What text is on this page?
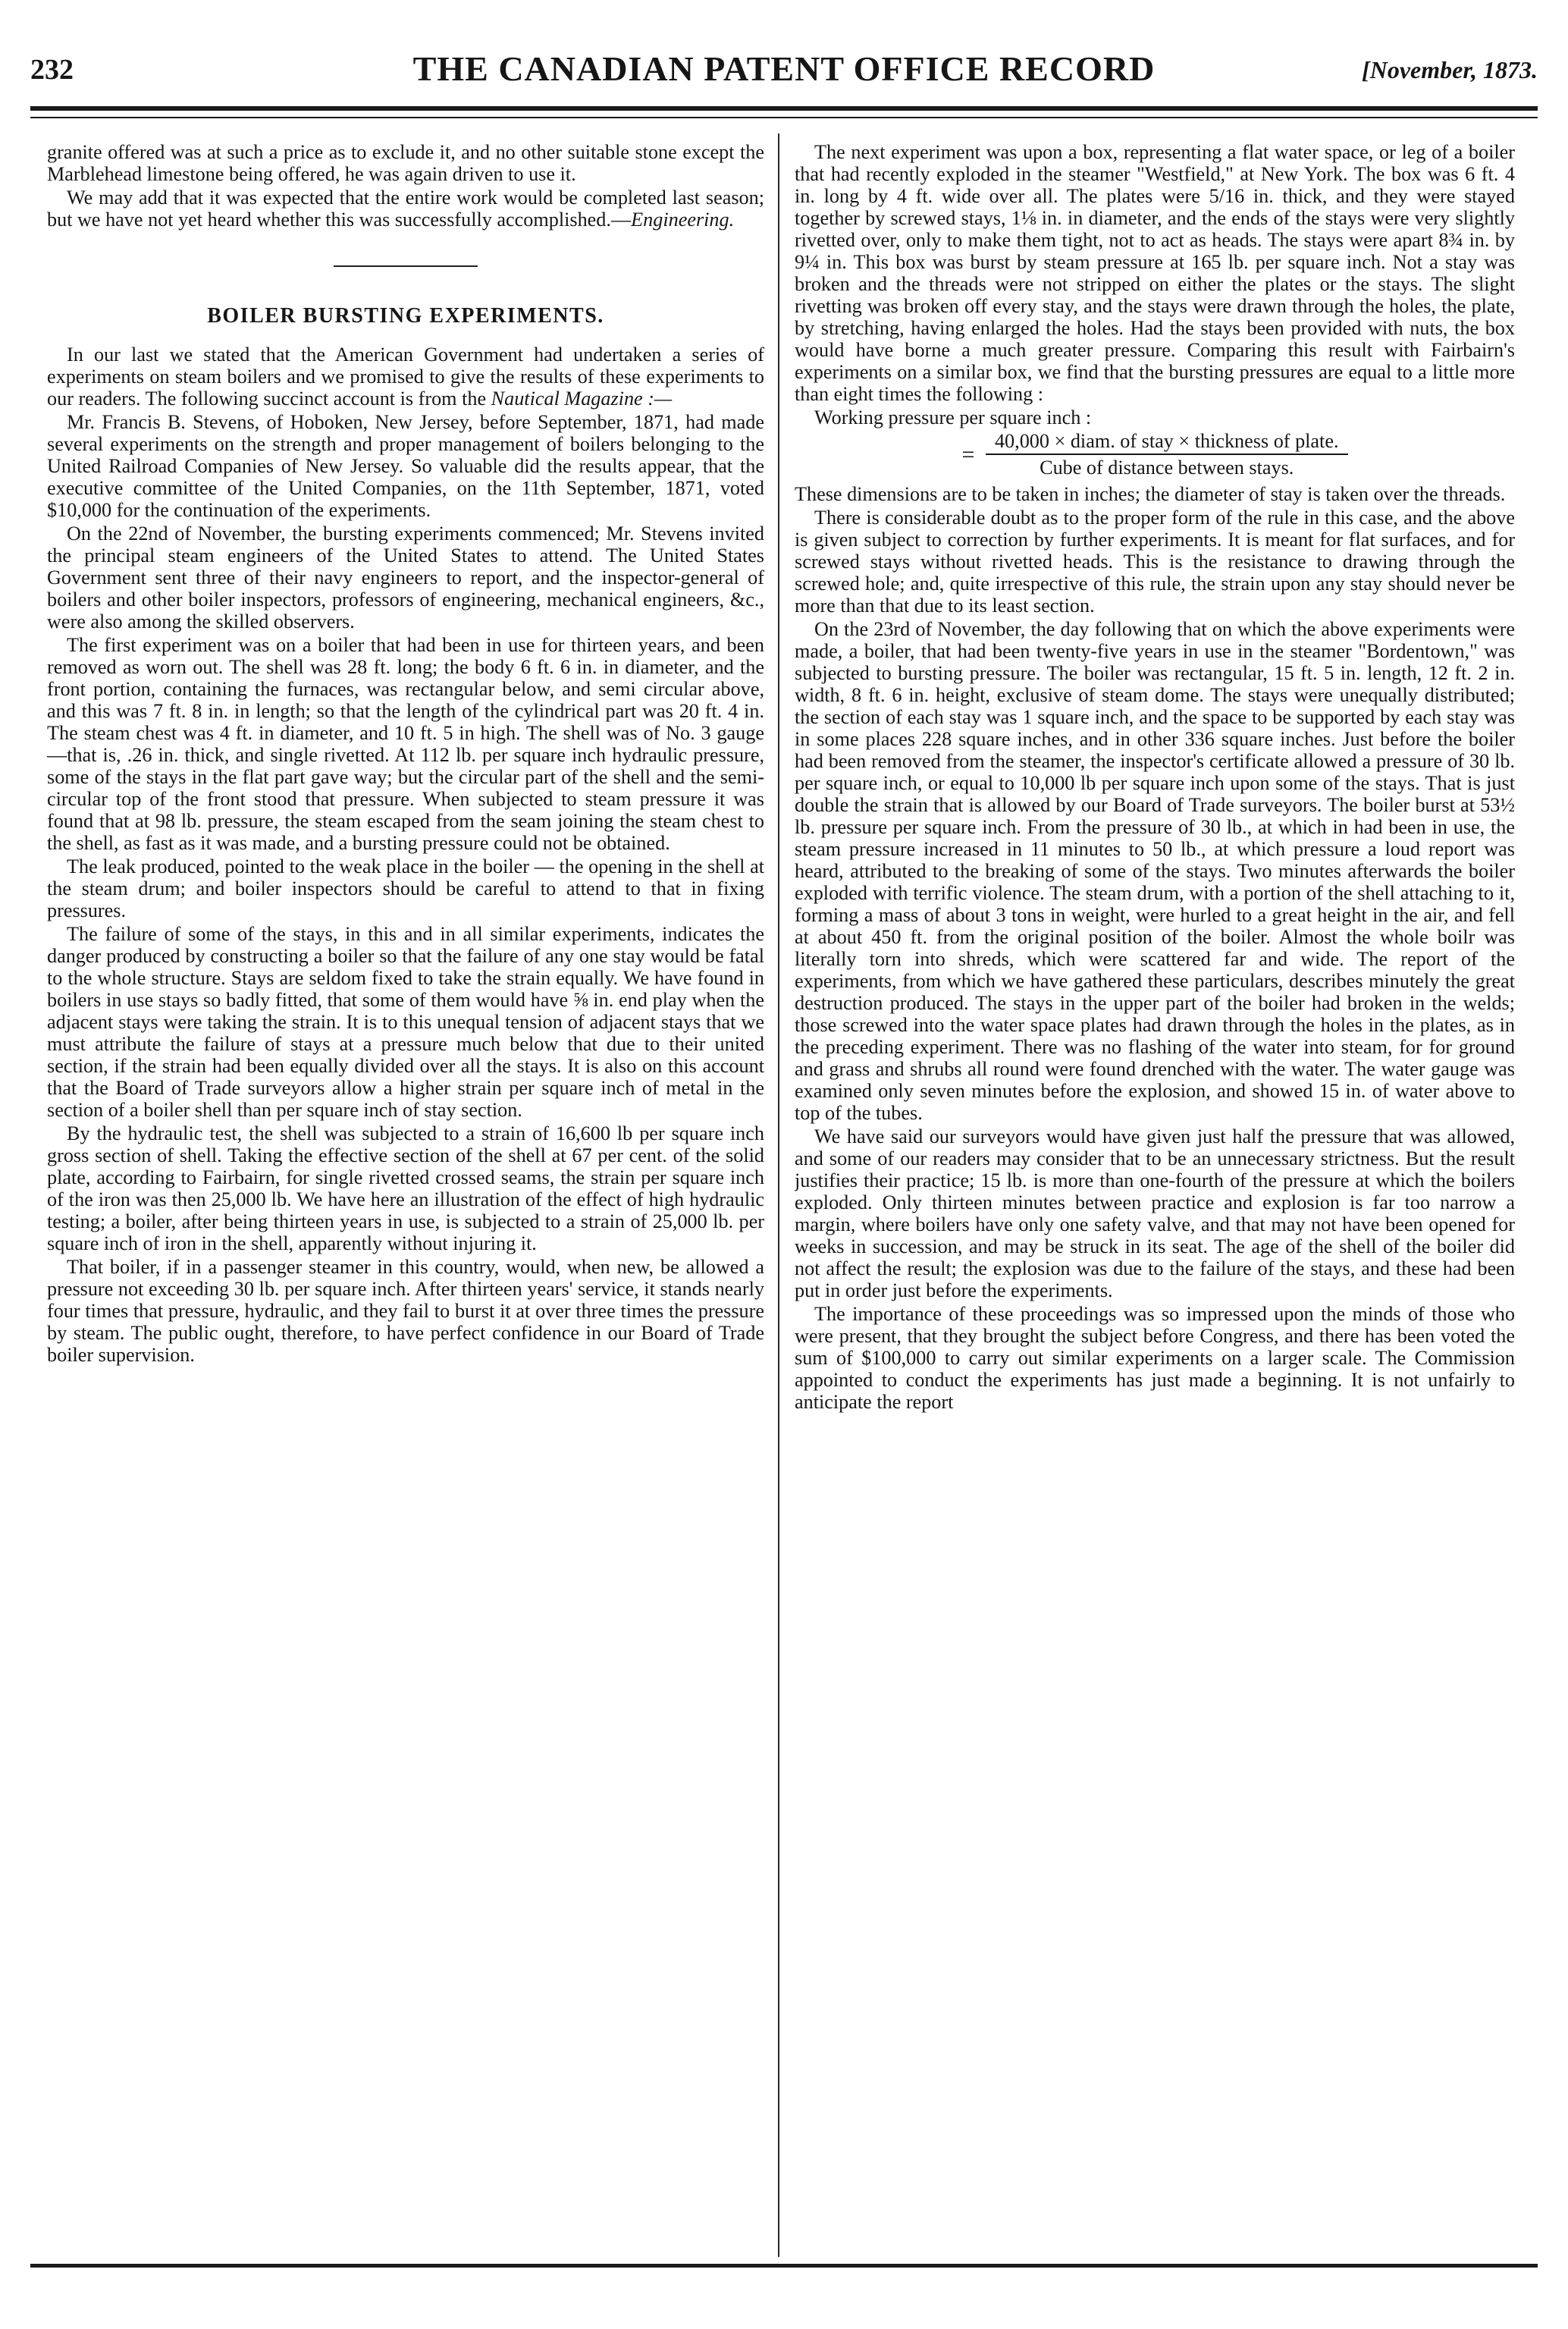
232	THE CANADIAN PATENT OFFICE RECORD	[November, 1873.

granite offered was at such a price as to exclude it, and no other suitable stone except the Marblehead limestone being offered, he was again driven to use it.

We may add that it was expected that the entire work would be completed last season; but we have not yet heard whether this was successfully accomplished.—Engineering.

BOILER BURSTING EXPERIMENTS.

In our last we stated that the American Government had undertaken a series of experiments on steam boilers and we promised to give the results of these experiments to our readers. The following succinct account is from the Nautical Magazine :—

Mr. Francis B. Stevens, of Hoboken, New Jersey, before September, 1871, had made several experiments on the strength and proper management of boilers belonging to the United Railroad Companies of New Jersey. So valuable did the results appear, that the executive committee of the United Companies, on the 11th September, 1871, voted $10,000 for the continuation of the experiments.

On the 22nd of November, the bursting experiments commenced; Mr. Stevens invited the principal steam engineers of the United States to attend. The United States Government sent three of their navy engineers to report, and the inspector-general of boilers and other boiler inspectors, professors of engineering, mechanical engineers, &c., were also among the skilled observers.

The first experiment was on a boiler that had been in use for thirteen years, and been removed as worn out. The shell was 28 ft. long; the body 6 ft. 6 in. in diameter, and the front portion, containing the furnaces, was rectangular below, and semi circular above, and this was 7 ft. 8 in. in length; so that the length of the cylindrical part was 20 ft. 4 in. The steam chest was 4 ft. in diameter, and 10 ft. 5 in high. The shell was of No. 3 gauge—that is, .26 in. thick, and single rivetted. At 112 lb. per square inch hydraulic pressure, some of the stays in the flat part gave way; but the circular part of the shell and the semi-circular top of the front stood that pressure. When subjected to steam pressure it was found that at 98 lb. pressure, the steam escaped from the seam joining the steam chest to the shell, as fast as it was made, and a bursting pressure could not be obtained.

The leak produced, pointed to the weak place in the boiler — the opening in the shell at the steam drum; and boiler inspectors should be careful to attend to that in fixing pressures.

The failure of some of the stays, in this and in all similar experiments, indicates the danger produced by constructing a boiler so that the failure of any one stay would be fatal to the whole structure. Stays are seldom fixed to take the strain equally. We have found in boilers in use stays so badly fitted, that some of them would have ⅝ in. end play when the adjacent stays were taking the strain. It is to this unequal tension of adjacent stays that we must attribute the failure of stays at a pressure much below that due to their united section, if the strain had been equally divided over all the stays. It is also on this account that the Board of Trade surveyors allow a higher strain per square inch of metal in the section of a boiler shell than per square inch of stay section.

By the hydraulic test, the shell was subjected to a strain of 16,600 lb per square inch gross section of shell. Taking the effective section of the shell at 67 per cent. of the solid plate, according to Fairbairn, for single rivetted crossed seams, the strain per square inch of the iron was then 25,000 lb. We have here an illustration of the effect of high hydraulic testing; a boiler, after being thirteen years in use, is subjected to a strain of 25,000 lb. per square inch of iron in the shell, apparently without injuring it.

That boiler, if in a passenger steamer in this country, would, when new, be allowed a pressure not exceeding 30 lb. per square inch. After thirteen years' service, it stands nearly four times that pressure, hydraulic, and they fail to burst it at over three times the pressure by steam. The public ought, therefore, to have perfect confidence in our Board of Trade boiler supervision.

The next experiment was upon a box, representing a flat water space, or leg of a boiler that had recently exploded in the steamer "Westfield," at New York. The box was 6 ft. 4 in. long by 4 ft. wide over all. The plates were 5/16 in. thick, and they were stayed together by screwed stays, 1⅛ in. in diameter, and the ends of the stays were very slightly rivetted over, only to make them tight, not to act as heads. The stays were apart 8¾ in. by 9¼ in. This box was burst by steam pressure at 165 lb. per square inch. Not a stay was broken and the threads were not stripped on either the plates or the stays. The slight rivetting was broken off every stay, and the stays were drawn through the holes, the plate, by stretching, having enlarged the holes. Had the stays been provided with nuts, the box would have borne a much greater pressure. Comparing this result with Fairbairn's experiments on a similar box, we find that the bursting pressures are equal to a little more than eight times the following :

Working pressure per square inch :

= $\frac{\text{40,000 × diam. of stay × thickness of plate.}}{\text{Cube of distance between stays.}}$

These dimensions are to be taken in inches; the diameter of stay is taken over the threads.

There is considerable doubt as to the proper form of the rule in this case, and the above is given subject to correction by further experiments. It is meant for flat surfaces, and for screwed stays without rivetted heads. This is the resistance to drawing through the screwed hole; and, quite irrespective of this rule, the strain upon any stay should never be more than that due to its least section.

On the 23rd of November, the day following that on which the above experiments were made, a boiler, that had been twenty-five years in use in the steamer "Bordentown," was subjected to bursting pressure. The boiler was rectangular, 15 ft. 5 in. length, 12 ft. 2 in. width, 8 ft. 6 in. height, exclusive of steam dome. The stays were unequally distributed; the section of each stay was 1 square inch, and the space to be supported by each stay was in some places 228 square inches, and in other 336 square inches. Just before the boiler had been removed from the steamer, the inspector's certificate allowed a pressure of 30 lb. per square inch, or equal to 10,000 lb per square inch upon some of the stays. That is just double the strain that is allowed by our Board of Trade surveyors. The boiler burst at 53½ lb. pressure per square inch. From the pressure of 30 lb., at which in had been in use, the steam pressure increased in 11 minutes to 50 lb., at which pressure a loud report was heard, attributed to the breaking of some of the stays. Two minutes afterwards the boiler exploded with terrific violence. The steam drum, with a portion of the shell attaching to it, forming a mass of about 3 tons in weight, were hurled to a great height in the air, and fell at about 450 ft. from the original position of the boiler. Almost the whole boilr was literally torn into shreds, which were scattered far and wide. The report of the experiments, from which we have gathered these particulars, describes minutely the great destruction produced. The stays in the upper part of the boiler had broken in the welds; those screwed into the water space plates had drawn through the holes in the plates, as in the preceding experiment. There was no flashing of the water into steam, for for ground and grass and shrubs all round were found drenched with the water. The water gauge was examined only seven minutes before the explosion, and showed 15 in. of water above to top of the tubes.

We have said our surveyors would have given just half the pressure that was allowed, and some of our readers may consider that to be an unnecessary strictness. But the result justifies their practice; 15 lb. is more than one-fourth of the pressure at which the boilers exploded. Only thirteen minutes between practice and explosion is far too narrow a margin, where boilers have only one safety valve, and that may not have been opened for weeks in succession, and may be struck in its seat. The age of the shell of the boiler did not affect the result; the explosion was due to the failure of the stays, and these had been put in order just before the experiments.

The importance of these proceedings was so impressed upon the minds of those who were present, that they brought the subject before Congress, and there has been voted the sum of $100,000 to carry out similar experiments on a larger scale. The Commission appointed to conduct the experiments has just made a beginning. It is not unfairly to anticipate the report
